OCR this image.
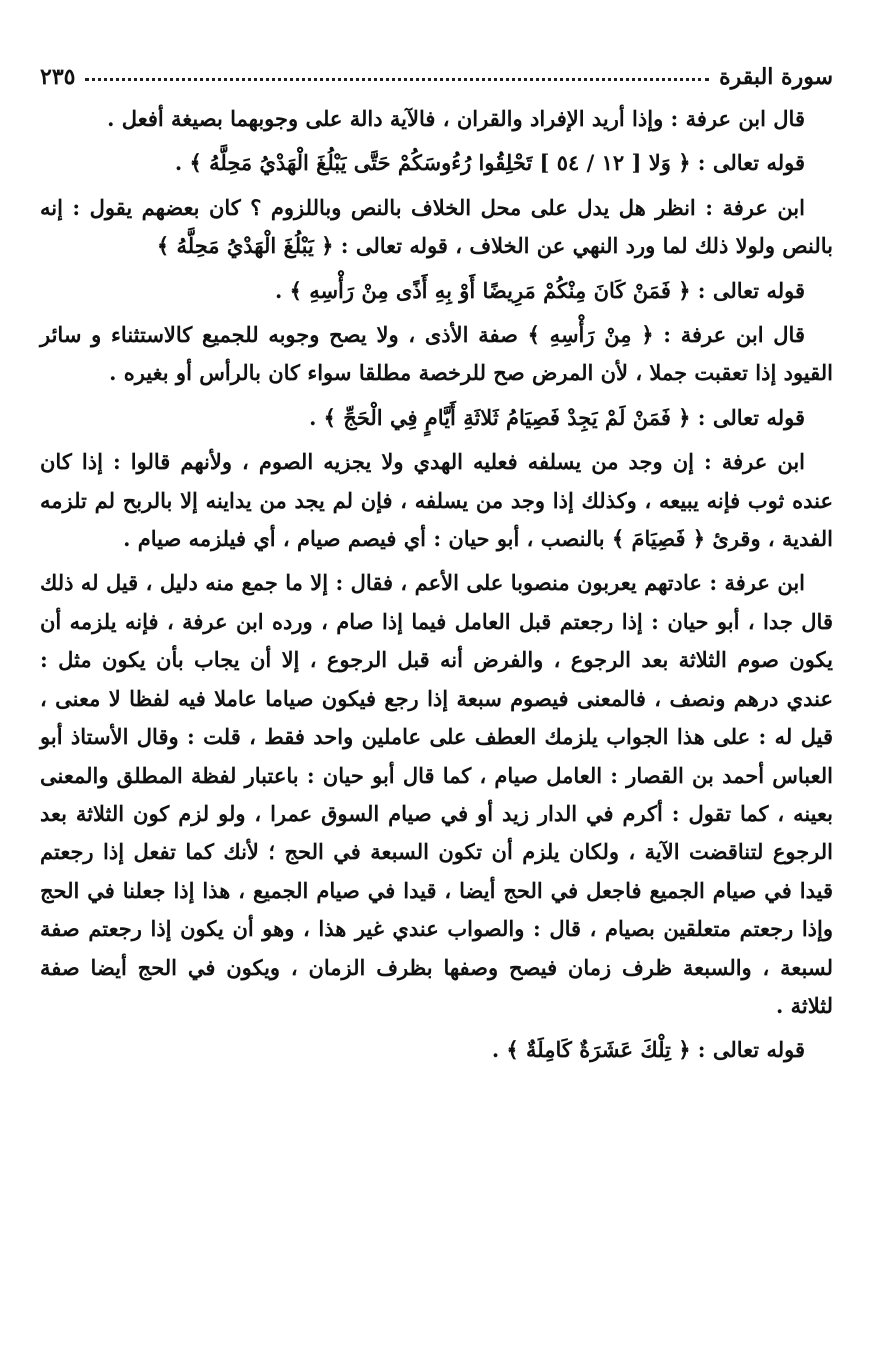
سورة البقرة
٢٣٥

قال ابن عرفة : وإذا أريد الإفراد والقران ، فالآية دالة على وجوبهما بصيغة أفعل .

قوله تعالى : ﴿ وَلا [ ١٢ / ٥٤ ] تَحْلِقُوا رُءُوسَكُمْ حَتَّى يَبْلُغَ الْهَدْيُ مَحِلَّهُ ﴾ .

ابن عرفة : انظر هل يدل على محل الخلاف بالنص وباللزوم ؟ كان بعضهم يقول : إنه بالنص ولولا ذلك لما ورد النهي عن الخلاف ، قوله تعالى : ﴿ يَبْلُغَ الْهَدْيُ مَحِلَّهُ ﴾

قوله تعالى : ﴿ فَمَنْ كَانَ مِنْكُمْ مَرِيضًا أَوْ بِهِ أَذًى مِنْ رَأْسِهِ ﴾ .

قال ابن عرفة : ﴿ مِنْ رَأْسِهِ ﴾ صفة الأذى ، ولا يصح وجوبه للجميع كالاستثناء و سائر القيود إذا تعقبت جملا ، لأن المرض صح للرخصة مطلقا سواء كان بالرأس أو بغيره .

قوله تعالى : ﴿ فَمَنْ لَمْ يَجِدْ فَصِيَامُ ثَلاثَةِ أَيَّامٍ فِي الْحَجِّ ﴾ .

ابن عرفة : إن وجد من يسلفه فعليه الهدي ولا يجزيه الصوم ، ولأنهم قالوا : إذا كان عنده ثوب فإنه يبيعه ، وكذلك إذا وجد من يسلفه ، فإن لم يجد من يداينه إلا بالربح لم تلزمه الفدية ، وقرئ ﴿ فَصِيَامَ ﴾ بالنصب ، أبو حيان : أي فيصم صيام ، أي فيلزمه صيام .

ابن عرفة : عادتهم يعربون منصوبا على الأعم ، فقال : إلا ما جمع منه دليل ، قيل له ذلك قال جدا ، أبو حيان : إذا رجعتم قبل العامل فيما إذا صام ، ورده ابن عرفة ، فإنه يلزمه أن يكون صوم الثلاثة بعد الرجوع ، والفرض أنه قبل الرجوع ، إلا أن يجاب بأن يكون مثل : عندي درهم ونصف ، فالمعنى فيصوم سبعة إذا رجع فيكون صياما عاملا فيه لفظا لا معنى ، قيل له : على هذا الجواب يلزمك العطف على عاملين واحد فقط ، قلت : وقال الأستاذ أبو العباس أحمد بن القصار : العامل صيام ، كما قال أبو حيان : باعتبار لفظة المطلق والمعنى بعينه ، كما تقول : أكرم في الدار زيد أو في صيام السوق عمرا ، ولو لزم كون الثلاثة بعد الرجوع لتناقضت الآية ، ولكان يلزم أن تكون السبعة في الحج ؛ لأنك كما تفعل إذا رجعتم قيدا في صيام الجميع فاجعل في الحج أيضا ، قيدا في صيام الجميع ، هذا إذا جعلنا في الحج وإذا رجعتم متعلقين بصيام ، قال : والصواب عندي غير هذا ، وهو أن يكون إذا رجعتم صفة لسبعة ، والسبعة ظرف زمان فيصح وصفها بظرف الزمان ، ويكون في الحج أيضا صفة لثلاثة .

قوله تعالى : ﴿ تِلْكَ عَشَرَةٌ كَامِلَةٌ ﴾ .
